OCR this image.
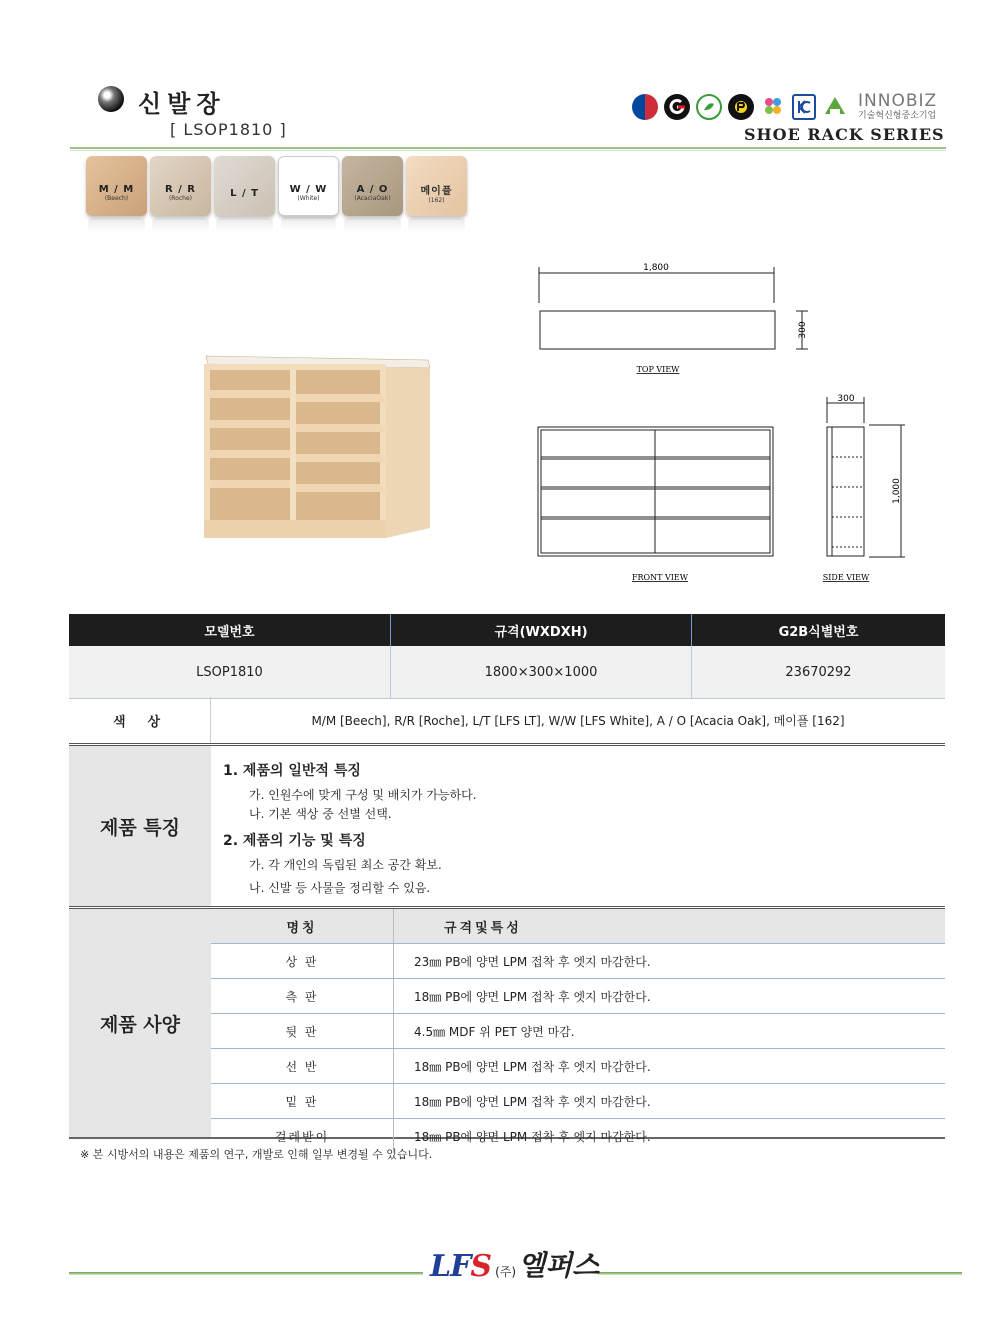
신발장
[ LSOP1810 ]
INNOBIZ
기술혁신형중소기업
SHOE RACK SERIES
M / M
(Beech)
R / R
(Roche)	L / T	W / W
(White)
A / O
(AcaciaOak)
메이플
(162)
1,800
300
TOP VIEW
300
1,000
FRONT VIEW	SIDE VIEW
모델번호	규격(WXDXH)	G2B식별번호
LSOP1810	1800×300×1000	23670292
색상	M/M [Beech], R/R [Roche], L/T [LFS LT], W/W [LFS White], A / O [Acacia Oak], 메이플 [162]
제품 특징
1. 제품의 일반적 특징

가. 인원수에 맞게 구성 및 배치가 가능하다.

나. 기본 색상 중 선별 선택.

2. 제품의 기능 및 특징

가. 각 개인의 독립된 최소 공간 확보.

나. 신발 등 사물을 정리할 수 있음.

제품 사양
명칭	규격및특성
상 판	23㎜ PB에 양면 LPM 접착 후 엣지 마감한다.
측 판	18㎜ PB에 양면 LPM 접착 후 엣지 마감한다.
뒷 판	4.5㎜ MDF 위 PET 양면 마감.
선 반	18㎜ PB에 양면 LPM 접착 후 엣지 마감한다.
밑 판	18㎜ PB에 양면 LPM 접착 후 엣지 마감한다.
걸레받이	18㎜ PB에 양면 LPM 접착 후 엣지 마감한다.
※ 본 시방서의 내용은 제품의 연구, 개발로 인해 일부 변경될 수 있습니다.
LFS (주) 엘퍼스
